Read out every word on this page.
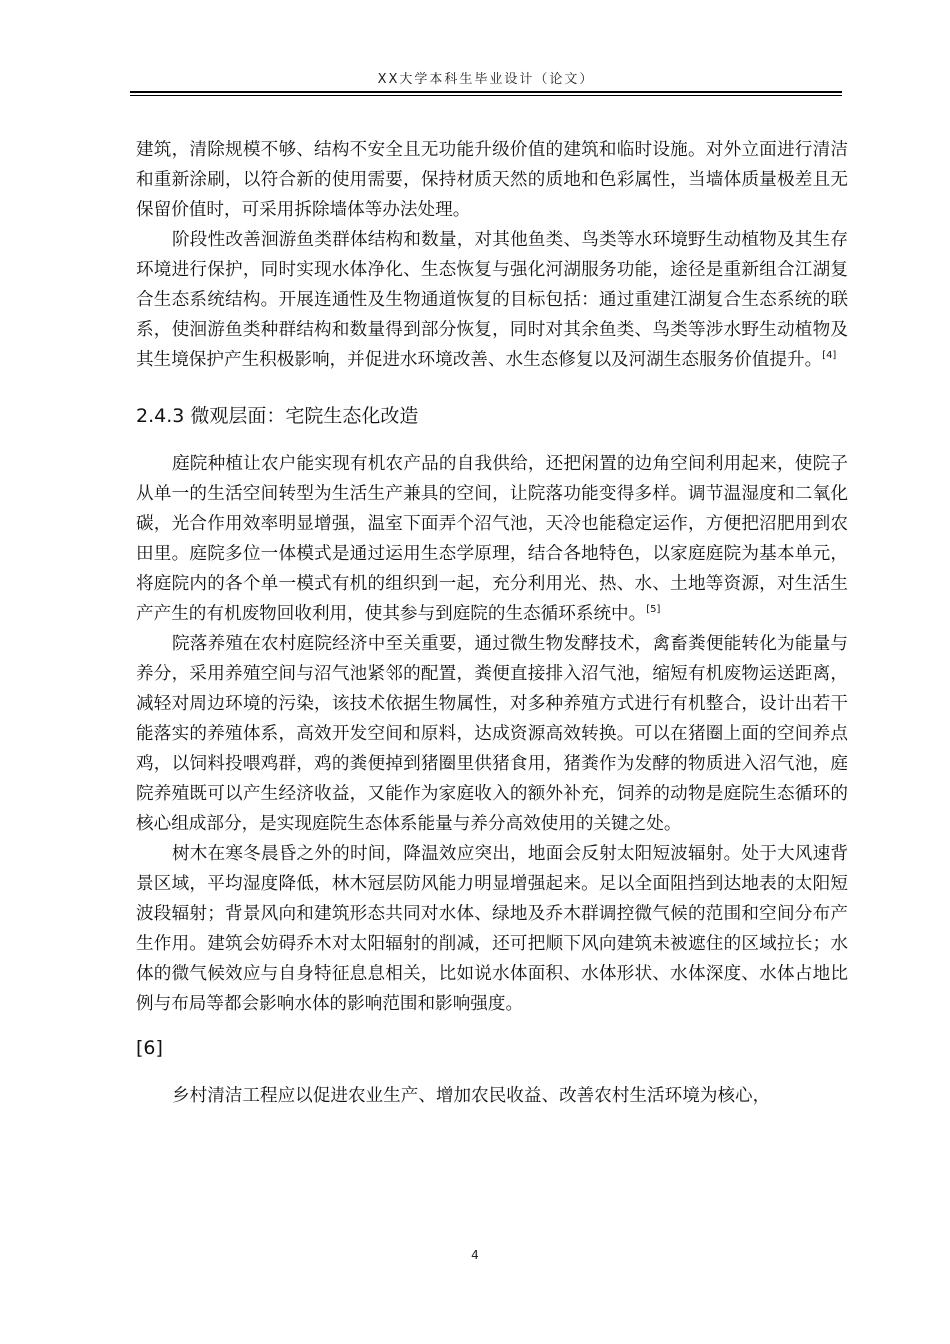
XX大学本科生毕业设计（论文）

建筑，清除规模不够、结构不安全且无功能升级价值的建筑和临时设施。对外立面进行清洁和重新涂刷，以符合新的使用需要，保持材质天然的质地和色彩属性，当墙体质量极差且无保留价值时，可采用拆除墙体等办法处理。

阶段性改善洄游鱼类群体结构和数量，对其他鱼类、鸟类等水环境野生动植物及其生存环境进行保护，同时实现水体净化、生态恢复与强化河湖服务功能，途径是重新组合江湖复合生态系统结构。开展连通性及生物通道恢复的目标包括：通过重建江湖复合生态系统的联系，使洄游鱼类种群结构和数量得到部分恢复，同时对其余鱼类、鸟类等涉水野生动植物及其生境保护产生积极影响，并促进水环境改善、水生态修复以及河湖生态服务价值提升。[4]

2.4.3 微观层面：宅院生态化改造

庭院种植让农户能实现有机农产品的自我供给，还把闲置的边角空间利用起来，使院子从单一的生活空间转型为生活生产兼具的空间，让院落功能变得多样。调节温湿度和二氧化碳，光合作用效率明显增强，温室下面弄个沼气池，天冷也能稳定运作，方便把沼肥用到农田里。庭院多位一体模式是通过运用生态学原理，结合各地特色，以家庭庭院为基本单元，将庭院内的各个单一模式有机的组织到一起，充分利用光、热、水、土地等资源，对生活生产产生的有机废物回收利用，使其参与到庭院的生态循环系统中。[5]

院落养殖在农村庭院经济中至关重要，通过微生物发酵技术，禽畜粪便能转化为能量与养分，采用养殖空间与沼气池紧邻的配置，粪便直接排入沼气池，缩短有机废物运送距离，减轻对周边环境的污染，该技术依据生物属性，对多种养殖方式进行有机整合，设计出若干能落实的养殖体系，高效开发空间和原料，达成资源高效转换。可以在猪圈上面的空间养点鸡，以饲料投喂鸡群，鸡的粪便掉到猪圈里供猪食用，猪粪作为发酵的物质进入沼气池，庭院养殖既可以产生经济收益，又能作为家庭收入的额外补充，饲养的动物是庭院生态循环的核心组成部分，是实现庭院生态体系能量与养分高效使用的关键之处。

树木在寒冬晨昏之外的时间，降温效应突出，地面会反射太阳短波辐射。处于大风速背景区域，平均湿度降低，林木冠层防风能力明显增强起来。足以全面阻挡到达地表的太阳短波段辐射；背景风向和建筑形态共同对水体、绿地及乔木群调控微气候的范围和空间分布产生作用。建筑会妨碍乔木对太阳辐射的削减，还可把顺下风向建筑未被遮住的区域拉长；水体的微气候效应与自身特征息息相关，比如说水体面积、水体形状、水体深度、水体占地比例与布局等都会影响水体的影响范围和影响强度。

[6]

乡村清洁工程应以促进农业生产、增加农民收益、改善农村生活环境为核心，

4
